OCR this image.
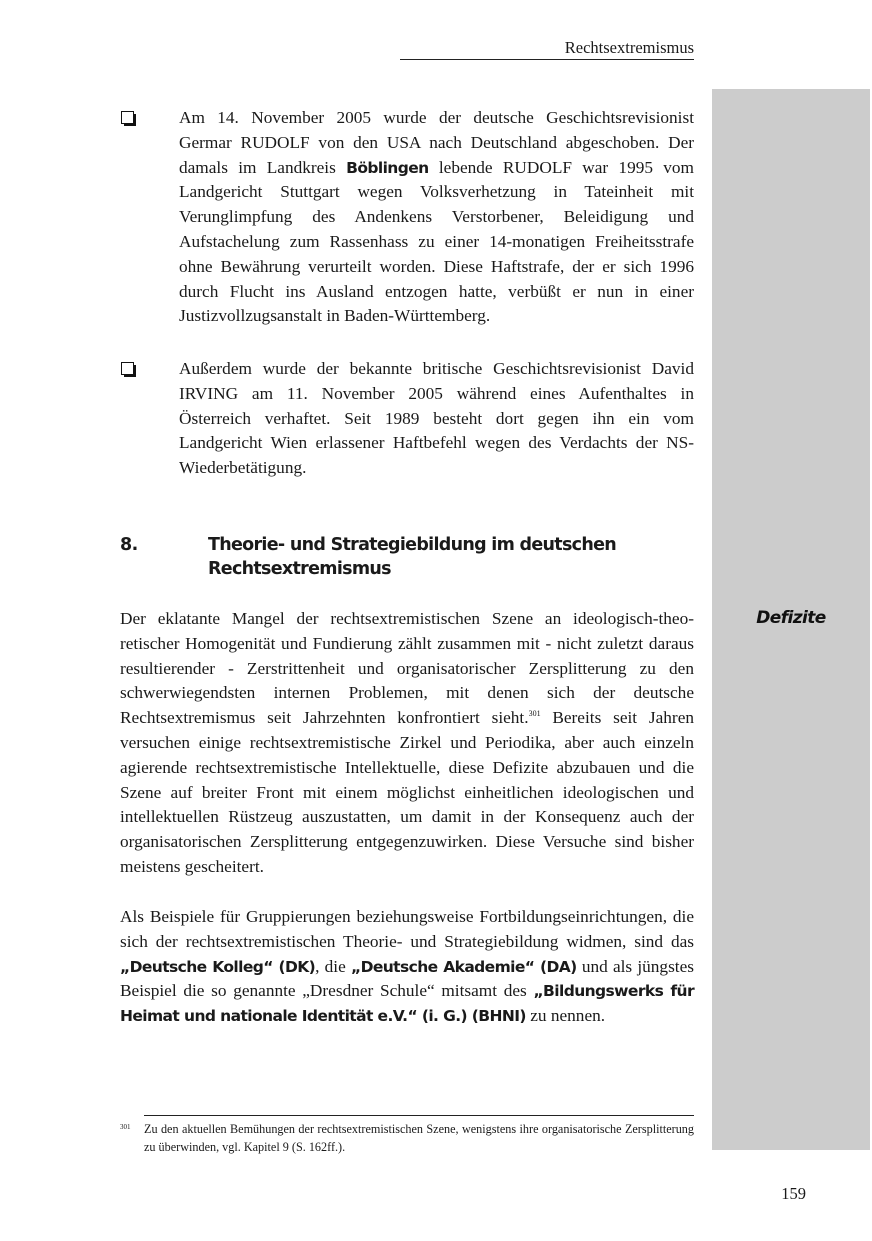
Rechtsextremismus
Defizite

Am 14. November 2005 wurde der deutsche Geschichtsrevisionist Germar RUDOLF von den USA nach Deutschland abgeschoben. Der damals im Landkreis Böblingen lebende RUDOLF war 1995 vom Landgericht Stuttgart wegen Volksverhetzung in Tateinheit mit Verunglimpfung des Andenkens Verstorbener, Beleidigung und Aufstachelung zum Rassenhass zu einer 14-monatigen Freiheitsstrafe ohne Bewährung verurteilt worden. Diese Haftstrafe, der er sich 1996 durch Flucht ins Ausland entzogen hatte, verbüßt er nun in einer Justizvollzugsanstalt in Baden-Württemberg.

Außerdem wurde der bekannte britische Geschichtsrevisionist David IRVING am 11. November 2005 während eines Aufenthaltes in Österreich verhaftet. Seit 1989 besteht dort gegen ihn ein vom Landgericht Wien erlassener Haftbefehl wegen des Verdachts der NS-Wiederbetätigung.

8.	Theorie- und Strategiebildung im deutschen Rechtsextremismus

Der eklatante Mangel der rechtsextremistischen Szene an ideologisch-theoretischer Homogenität und Fundierung zählt zusammen mit - nicht zuletzt daraus resultierender - Zerstrittenheit und organisatorischer Zersplitterung zu den schwerwiegendsten internen Problemen, mit denen sich der deutsche Rechtsextremismus seit Jahrzehnten konfrontiert sieht.$^{301}$ Bereits seit Jahren versuchen einige rechtsextremistische Zirkel und Periodika, aber auch einzeln agierende rechtsextremistische Intellektuelle, diese Defizite abzubauen und die Szene auf breiter Front mit einem möglichst einheitlichen ideologischen und intellektuellen Rüstzeug auszustatten, um damit in der Konsequenz auch der organisatorischen Zersplitterung entgegenzuwirken. Diese Versuche sind bisher meistens gescheitert.

Als Beispiele für Gruppierungen beziehungsweise Fortbildungseinrichtungen, die sich der rechtsextremistischen Theorie- und Strategiebildung widmen, sind das „Deutsche Kolleg“ (DK), die „Deutsche Akademie“ (DA) und als jüngstes Beispiel die so genannte „Dresdner Schule“ mitsamt des „Bildungswerks für Heimat und nationale Identität e.V.“ (i. G.) (BHNI) zu nennen.

301 Zu den aktuellen Bemühungen der rechtsextremistischen Szene, wenigstens ihre organisatorische Zersplitterung zu überwinden, vgl. Kapitel 9 (S. 162ff.).

159
